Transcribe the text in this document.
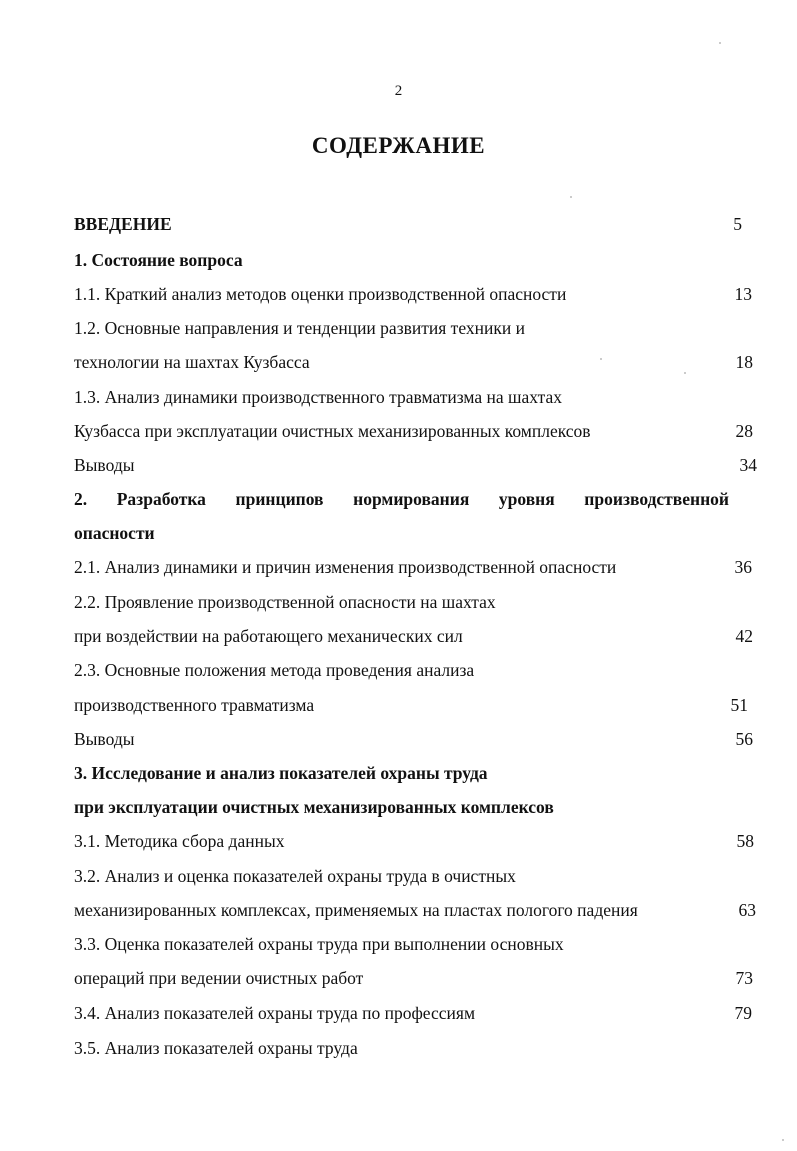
2
СОДЕРЖАНИЕ
ВВЕДЕНИЕ	5
1. Состояние вопроса
1.1. Краткий анализ методов оценки производственной опасности	13
1.2. Основные направления и тенденции развития техники и
технологии на шахтах Кузбасса	18
1.3. Анализ динамики производственного травматизма на шахтах
Кузбасса при эксплуатации очистных механизированных комплексов	28
Выводы	34
2. Разработка принципов нормирования уровня производственной
опасности
2.1. Анализ динамики и причин изменения производственной опасности	36
2.2. Проявление производственной опасности на шахтах
при воздействии на работающего механических сил	42
2.3. Основные положения метода проведения анализа
производственного травматизма	51
Выводы	56
3. Исследование и анализ показателей охраны труда
при эксплуатации очистных механизированных комплексов
3.1. Методика сбора данных	58
3.2. Анализ и оценка показателей охраны труда в очистных
механизированных комплексах, применяемых на пластах пологого падения	63
3.3. Оценка показателей охраны труда при выполнении основных
операций при ведении очистных работ	73
3.4. Анализ показателей охраны труда по профессиям	79
3.5. Анализ показателей охраны труда
